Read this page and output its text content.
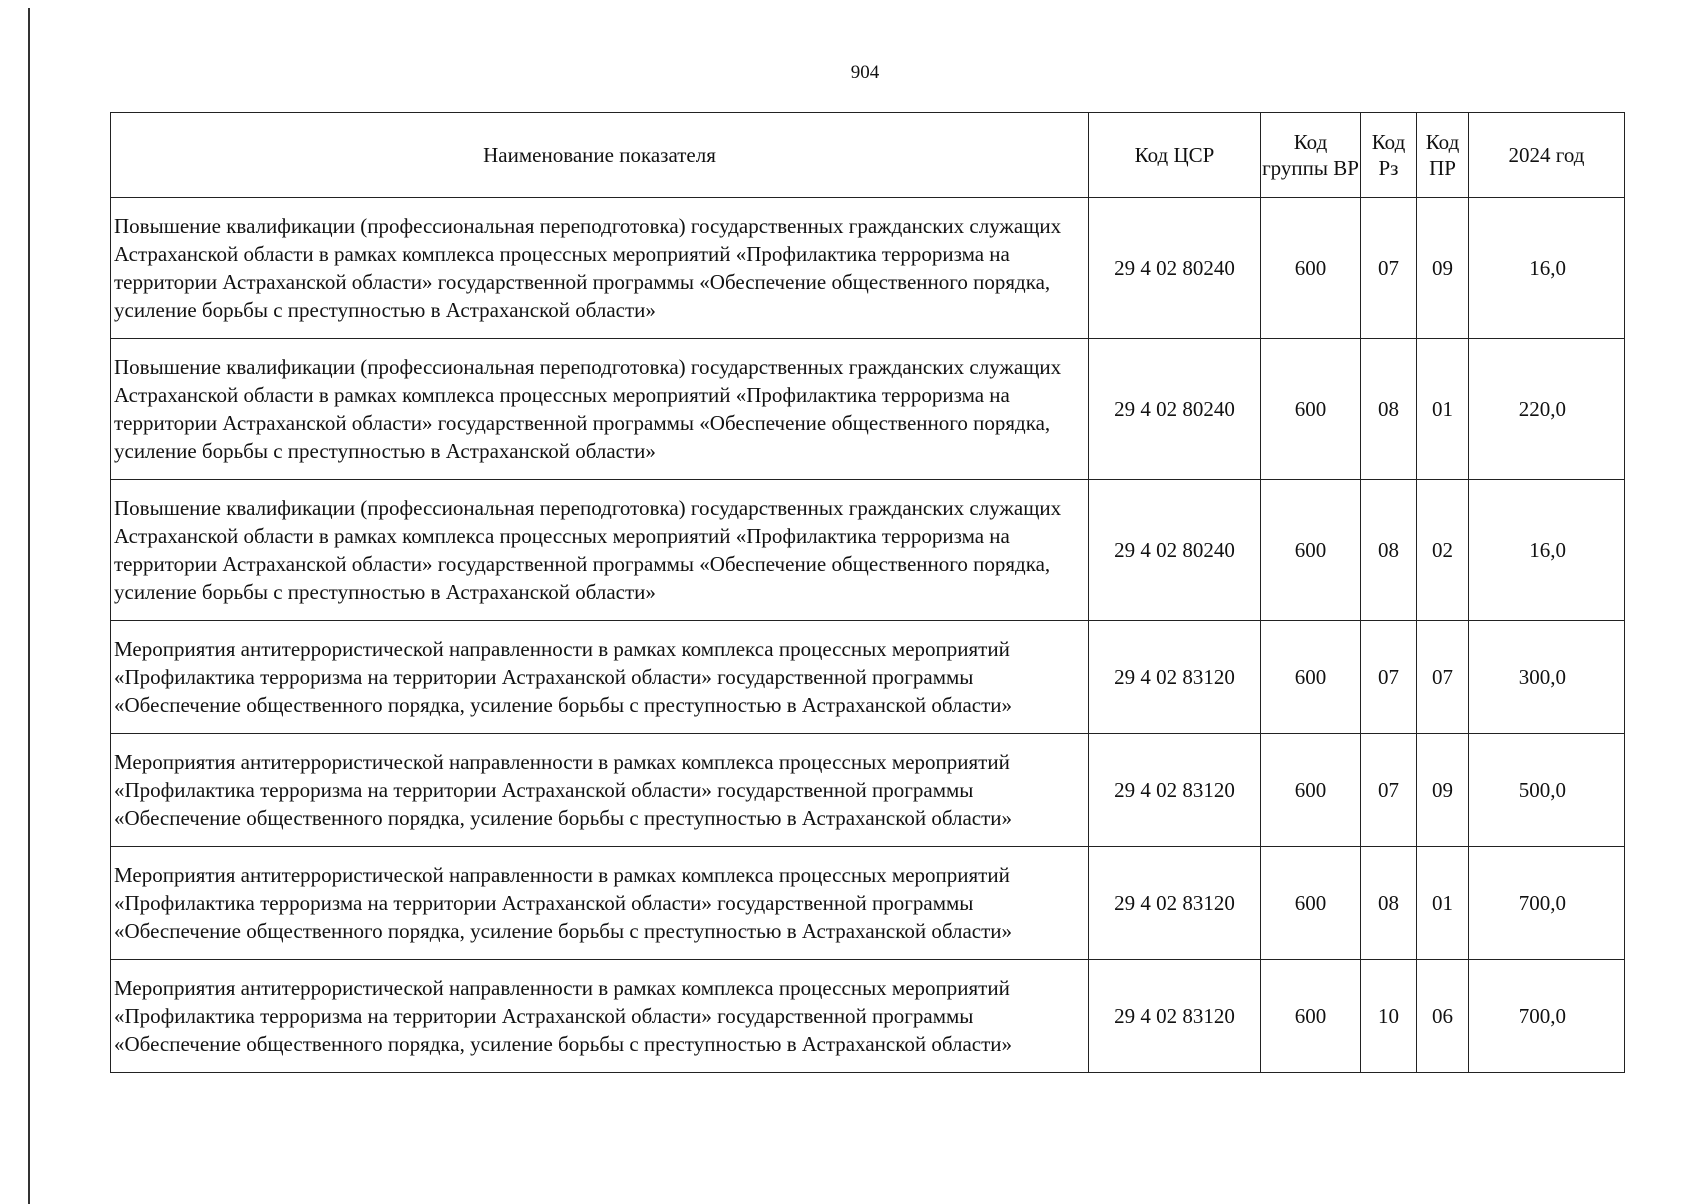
904
Наименование показателя	Код ЦСР	Код группы ВР	Код Рз	Код ПР	2024 год
Повышение квалификации (профессиональная переподготовка) государственных гражданских служащих Астраханской области в рамках комплекса процессных мероприятий «Профилактика терроризма на территории Астраханской области» государственной программы «Обеспечение общественного порядка, усиление борьбы с преступностью в Астраханской области»	29 4 02 80240	600	07	09	16,0
Повышение квалификации (профессиональная переподготовка) государственных гражданских служащих Астраханской области в рамках комплекса процессных мероприятий «Профилактика терроризма на территории Астраханской области» государственной программы «Обеспечение общественного порядка, усиление борьбы с преступностью в Астраханской области»	29 4 02 80240	600	08	01	220,0
Повышение квалификации (профессиональная переподготовка) государственных гражданских служащих Астраханской области в рамках комплекса процессных мероприятий «Профилактика терроризма на территории Астраханской области» государственной программы «Обеспечение общественного порядка, усиление борьбы с преступностью в Астраханской области»	29 4 02 80240	600	08	02	16,0
Мероприятия антитеррористической направленности в рамках комплекса процессных мероприятий «Профилактика терроризма на территории Астраханской области» государственной программы «Обеспечение общественного порядка, усиление борьбы с преступностью в Астраханской области»	29 4 02 83120	600	07	07	300,0
Мероприятия антитеррористической направленности в рамках комплекса процессных мероприятий «Профилактика терроризма на территории Астраханской области» государственной программы «Обеспечение общественного порядка, усиление борьбы с преступностью в Астраханской области»	29 4 02 83120	600	07	09	500,0
Мероприятия антитеррористической направленности в рамках комплекса процессных мероприятий «Профилактика терроризма на территории Астраханской области» государственной программы «Обеспечение общественного порядка, усиление борьбы с преступностью в Астраханской области»	29 4 02 83120	600	08	01	700,0
Мероприятия антитеррористической направленности в рамках комплекса процессных мероприятий «Профилактика терроризма на территории Астраханской области» государственной программы «Обеспечение общественного порядка, усиление борьбы с преступностью в Астраханской области»	29 4 02 83120	600	10	06	700,0
